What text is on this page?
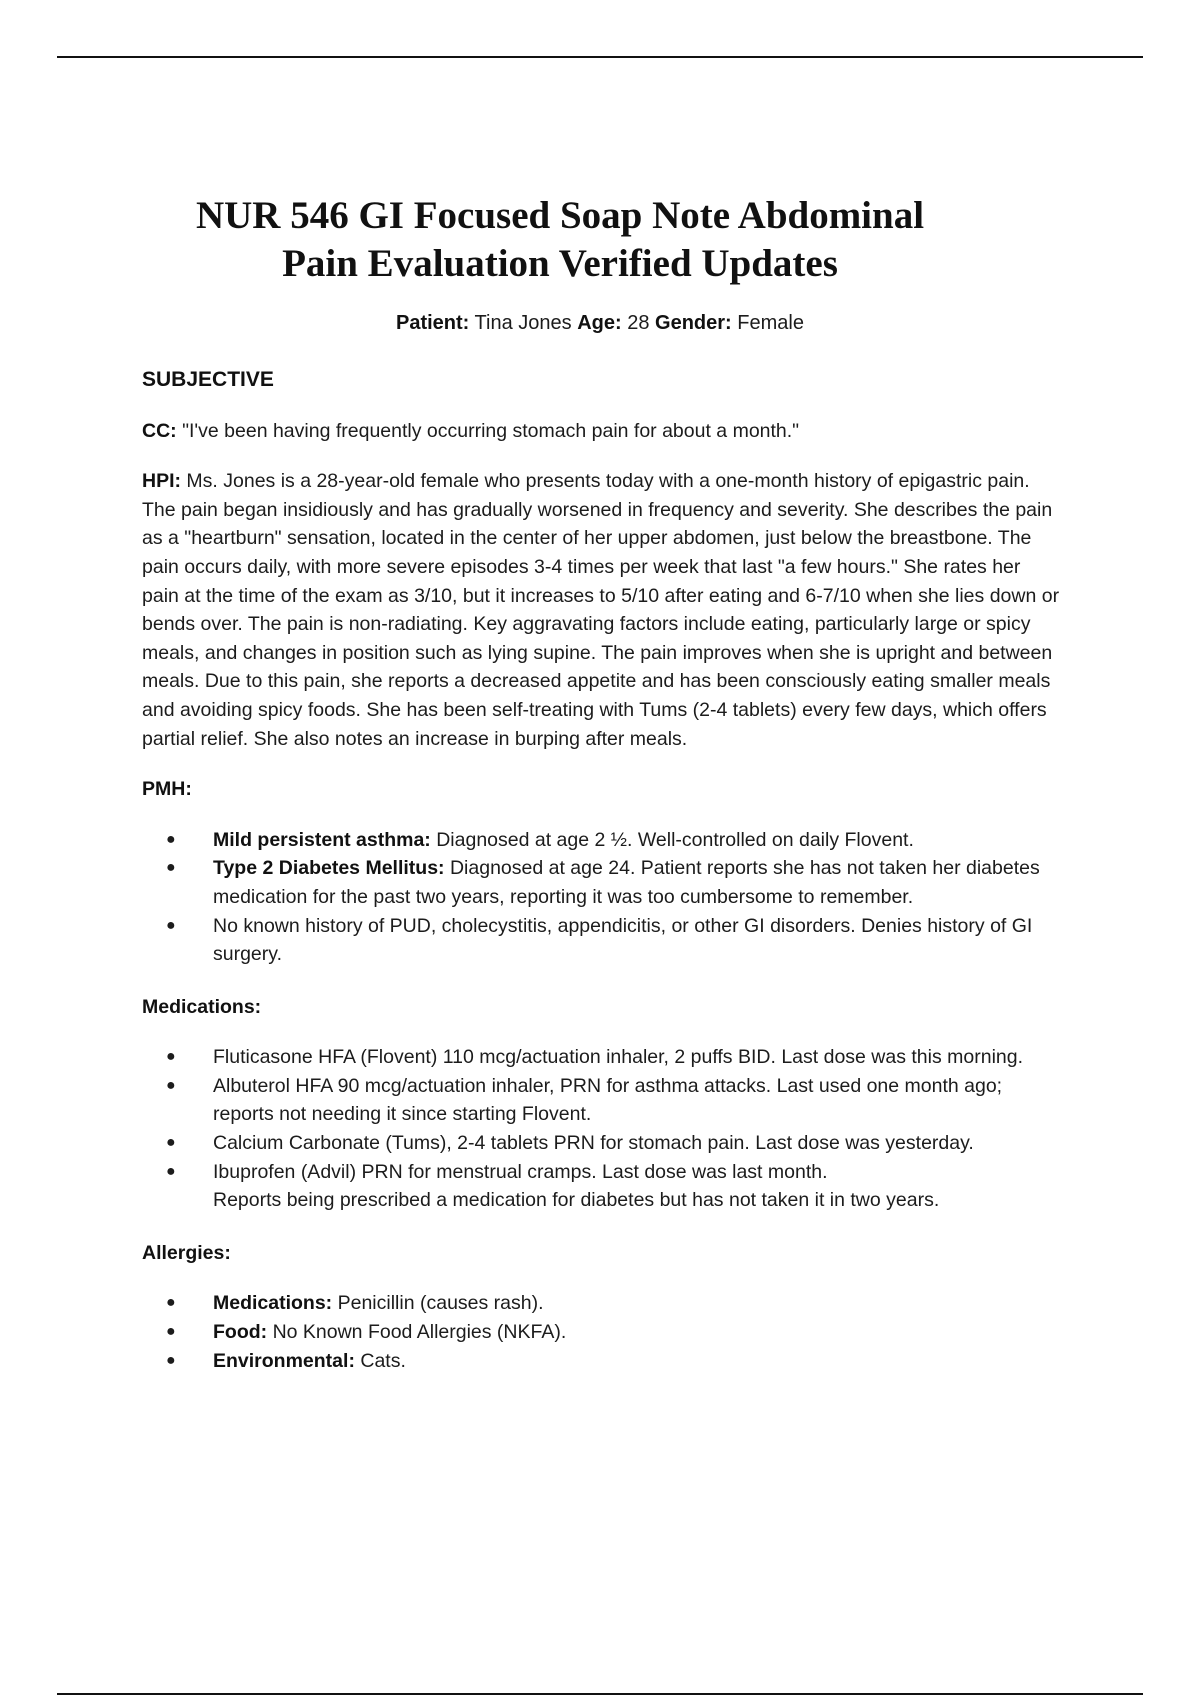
NUR 546 GI Focused Soap Note Abdominal
Pain Evaluation Verified Updates
Patient: Tina Jones Age: 28 Gender: Female
SUBJECTIVE

CC: "I've been having frequently occurring stomach pain for about a month."

HPI: Ms. Jones is a 28-year-old female who presents today with a one-month history of epigastric pain. The pain began insidiously and has gradually worsened in frequency and severity. She describes the pain as a "heartburn" sensation, located in the center of her upper abdomen, just below the breastbone. The pain occurs daily, with more severe episodes 3-4 times per week that last "a few hours." She rates her pain at the time of the exam as 3/10, but it increases to 5/10 after eating and 6-7/10 when she lies down or bends over. The pain is non-radiating. Key aggravating factors include eating, particularly large or spicy meals, and changes in position such as lying supine. The pain improves when she is upright and between meals. Due to this pain, she reports a decreased appetite and has been consciously eating smaller meals and avoiding spicy foods. She has been self-treating with Tums (2-4 tablets) every few days, which offers partial relief. She also notes an increase in burping after meals.

PMH:
● Mild persistent asthma: Diagnosed at age 2 ½. Well-controlled on daily Flovent.
● Type 2 Diabetes Mellitus: Diagnosed at age 24. Patient reports she has not taken her diabetes medication for the past two years, reporting it was too cumbersome to remember.
● No known history of PUD, cholecystitis, appendicitis, or other GI disorders. Denies history of GI surgery.
Medications:
● Fluticasone HFA (Flovent) 110 mcg/actuation inhaler, 2 puffs BID. Last dose was this morning.
● Albuterol HFA 90 mcg/actuation inhaler, PRN for asthma attacks. Last used one month ago; reports not needing it since starting Flovent.
● Calcium Carbonate (Tums), 2-4 tablets PRN for stomach pain. Last dose was yesterday.
● Ibuprofen (Advil) PRN for menstrual cramps. Last dose was last month.
Reports being prescribed a medication for diabetes but has not taken it in two years.
Allergies:
● Medications: Penicillin (causes rash).
● Food: No Known Food Allergies (NKFA).
● Environmental: Cats.
